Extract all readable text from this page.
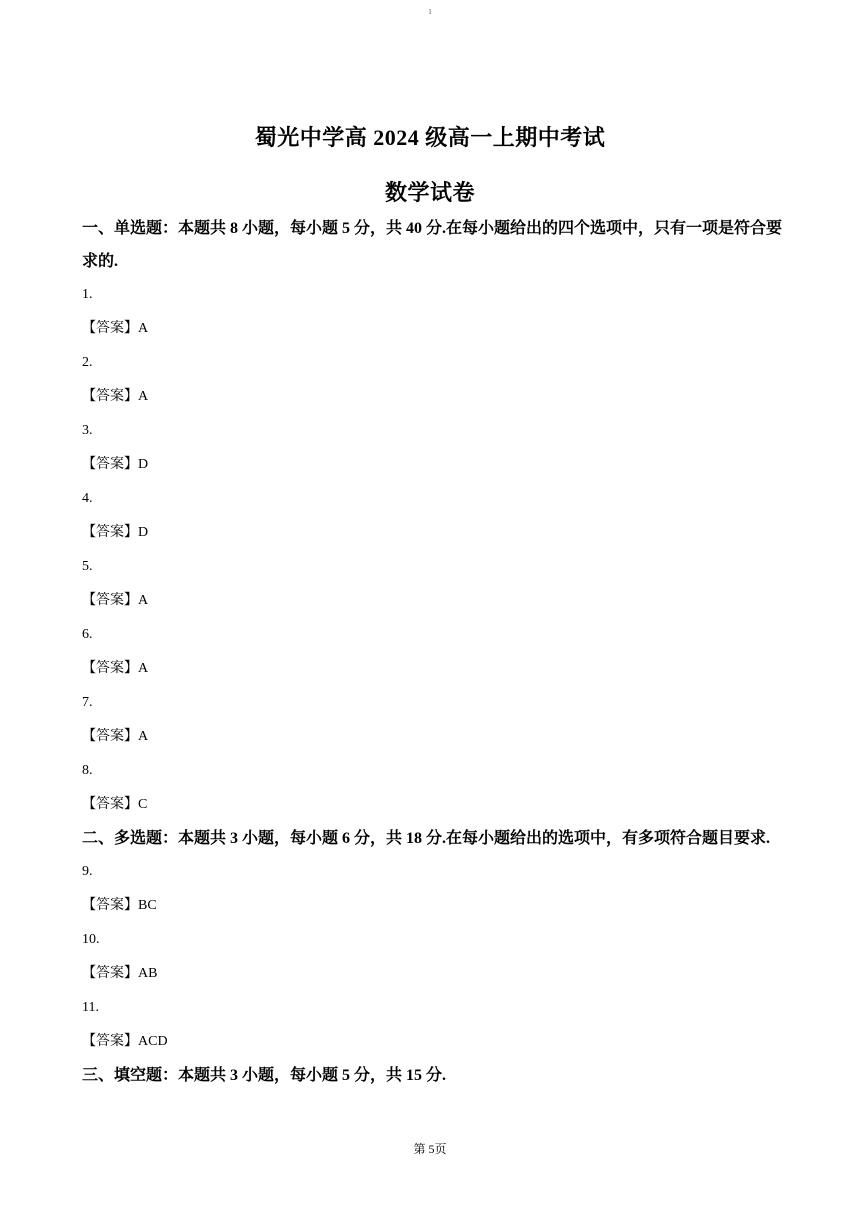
1
蜀光中学高 2024 级高一上期中考试
数学试卷

一、单选题：本题共 8 小题，每小题 5 分，共 40 分.在每小题给出的四个选项中，只有一项是符合要求的.

1.
【答案】A
2.
【答案】A
3.
【答案】D
4.
【答案】D
5.
【答案】A
6.
【答案】A
7.
【答案】A
8.
【答案】C

二、多选题：本题共 3 小题，每小题 6 分，共 18 分.在每小题给出的选项中，有多项符合题目要求.

9.
【答案】BC
10.
【答案】AB
11.
【答案】ACD

三、填空题：本题共 3 小题，每小题 5 分，共 15 分.

第 5页
